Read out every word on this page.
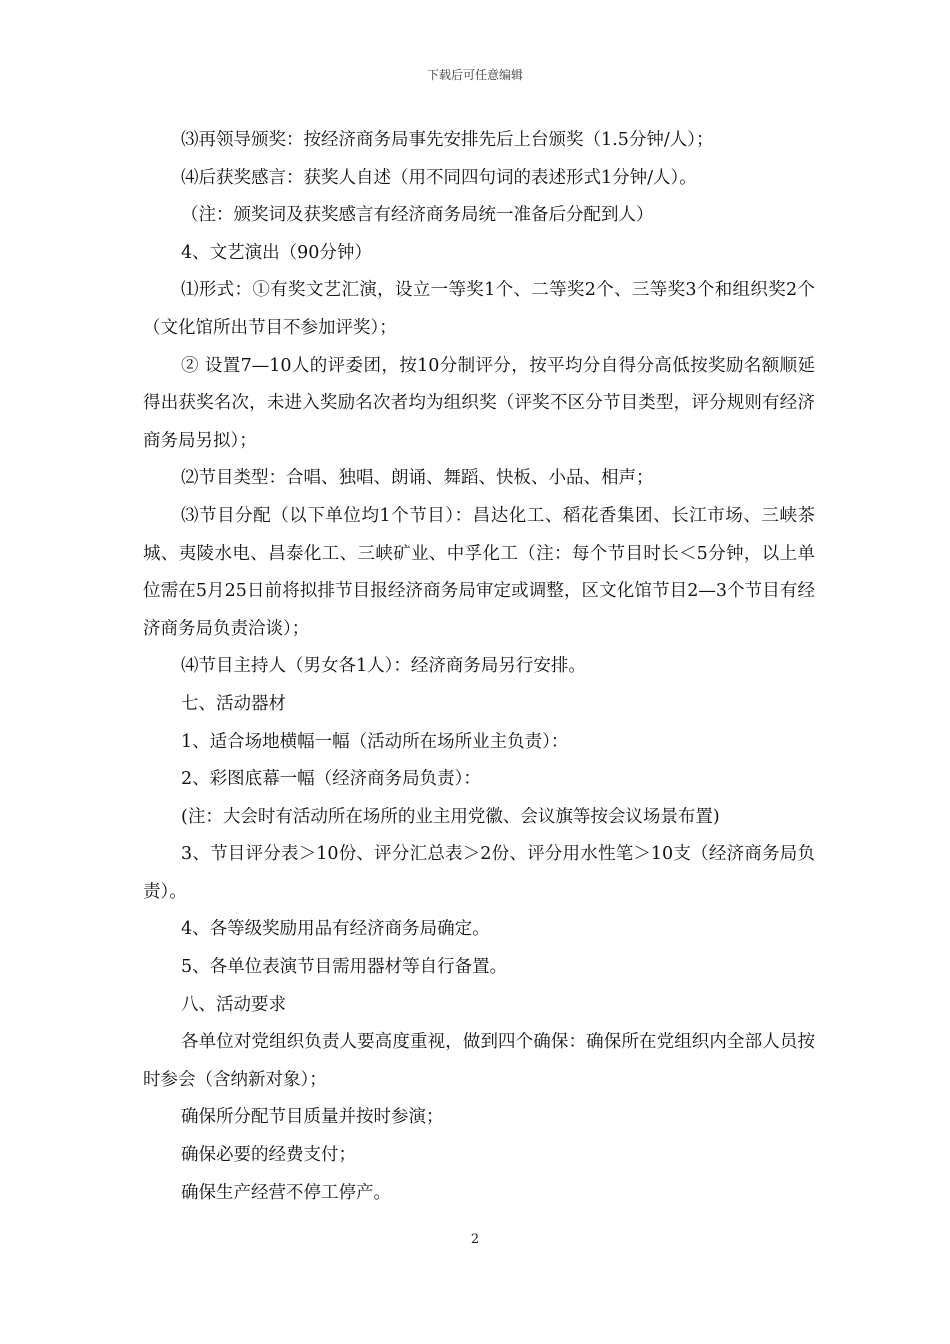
下载后可任意编辑

⑶再领导颁奖：按经济商务局事先安排先后上台颁奖（1.5分钟/人）；

⑷后获奖感言：获奖人自述（用不同四句词的表述形式1分钟/人）。

（注：颁奖词及获奖感言有经济商务局统一准备后分配到人）

4、文艺演出（90分钟）

⑴形式：①有奖文艺汇演，设立一等奖1个、二等奖2个、三等奖3个和组织奖2个（文化馆所出节目不参加评奖）；

② 设置7—10人的评委团，按10分制评分，按平均分自得分高低按奖励名额顺延得出获奖名次，未进入奖励名次者均为组织奖（评奖不区分节目类型，评分规则有经济商务局另拟）；

⑵节目类型：合唱、独唱、朗诵、舞蹈、快板、小品、相声；

⑶节目分配（以下单位均1个节目）：昌达化工、稻花香集团、长江市场、三峡茶城、夷陵水电、昌泰化工、三峡矿业、中孚化工（注：每个节目时长＜5分钟，以上单位需在5月25日前将拟排节目报经济商务局审定或调整，区文化馆节目2—3个节目有经济商务局负责洽谈）；

⑷节目主持人（男女各1人）：经济商务局另行安排。

七、活动器材

1、适合场地横幅一幅（活动所在场所业主负责）：

2、彩图底幕一幅（经济商务局负责）：

(注：大会时有活动所在场所的业主用党徽、会议旗等按会议场景布置)

3、节目评分表＞10份、评分汇总表＞2份、评分用水性笔＞10支（经济商务局负责）。

4、各等级奖励用品有经济商务局确定。

5、各单位表演节目需用器材等自行备置。

八、活动要求

各单位对党组织负责人要高度重视，做到四个确保：确保所在党组织内全部人员按时参会（含纳新对象）；

确保所分配节目质量并按时参演；

确保必要的经费支付；

确保生产经营不停工停产。

2
